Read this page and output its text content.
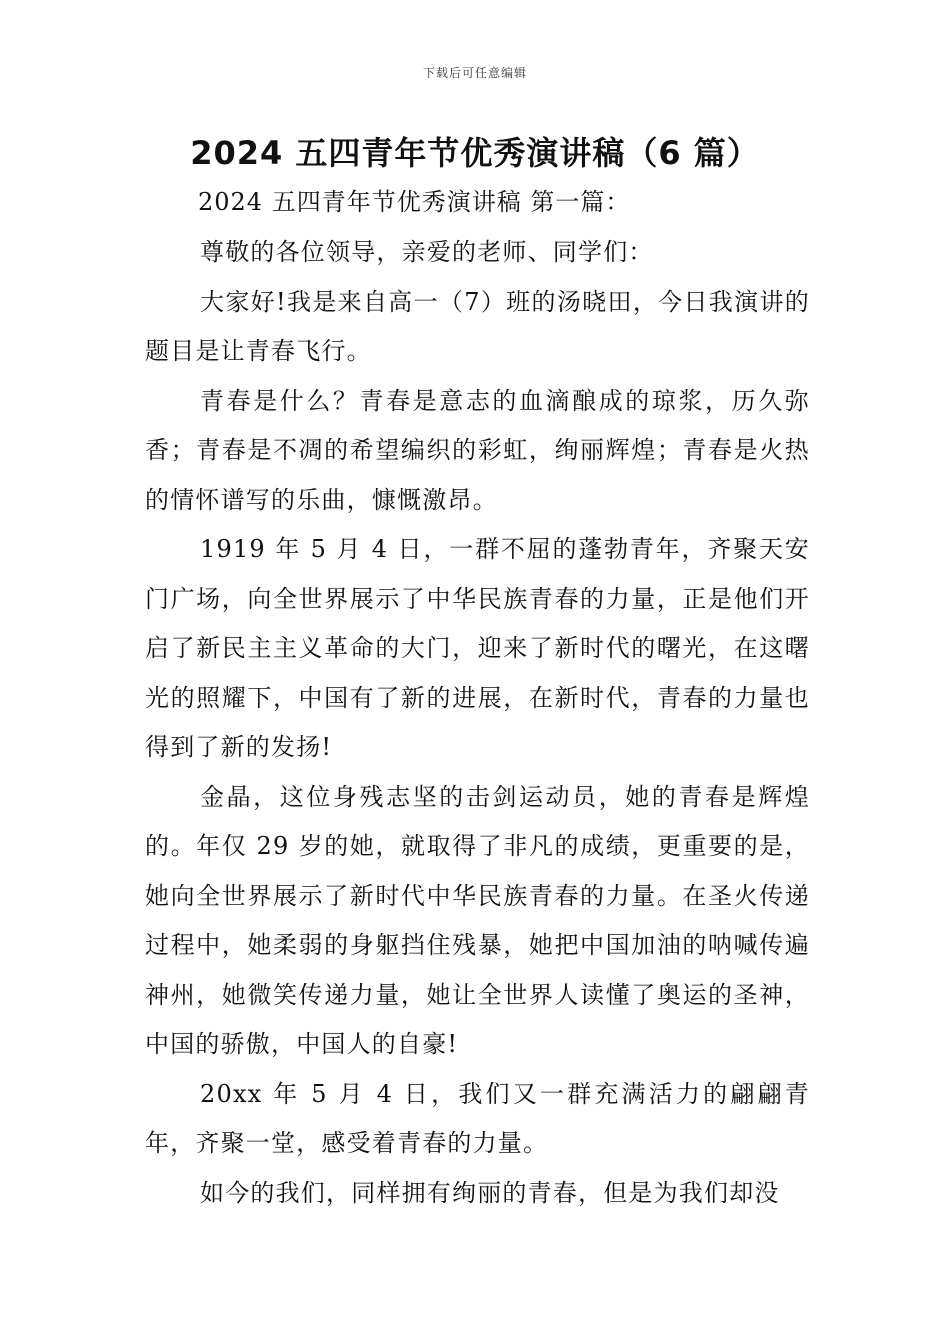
下载后可任意编辑
2024 五四青年节优秀演讲稿（6 篇）
2024 五四青年节优秀演讲稿 第一篇：

尊敬的各位领导，亲爱的老师、同学们：

大家好!我是来自高一（7）班的汤晓田，今日我演讲的题目是让青春飞行。

青春是什么？青春是意志的血滴酿成的琼浆，历久弥香；青春是不凋的希望编织的彩虹，绚丽辉煌；青春是火热的情怀谱写的乐曲，慷慨激昂。

1919 年 5 月 4 日，一群不屈的蓬勃青年，齐聚天安门广场，向全世界展示了中华民族青春的力量，正是他们开启了新民主主义革命的大门，迎来了新时代的曙光，在这曙光的照耀下，中国有了新的进展，在新时代，青春的力量也得到了新的发扬!

金晶，这位身残志坚的击剑运动员，她的青春是辉煌的。年仅 29 岁的她，就取得了非凡的成绩，更重要的是，她向全世界展示了新时代中华民族青春的力量。在圣火传递过程中，她柔弱的身躯挡住残暴，她把中国加油的呐喊传遍神州，她微笑传递力量，她让全世界人读懂了奥运的圣神，中国的骄傲，中国人的自豪!

20xx 年 5 月 4 日，我们又一群充满活力的翩翩青年，齐聚一堂，感受着青春的力量。

如今的我们，同样拥有绚丽的青春，但是为我们却没
